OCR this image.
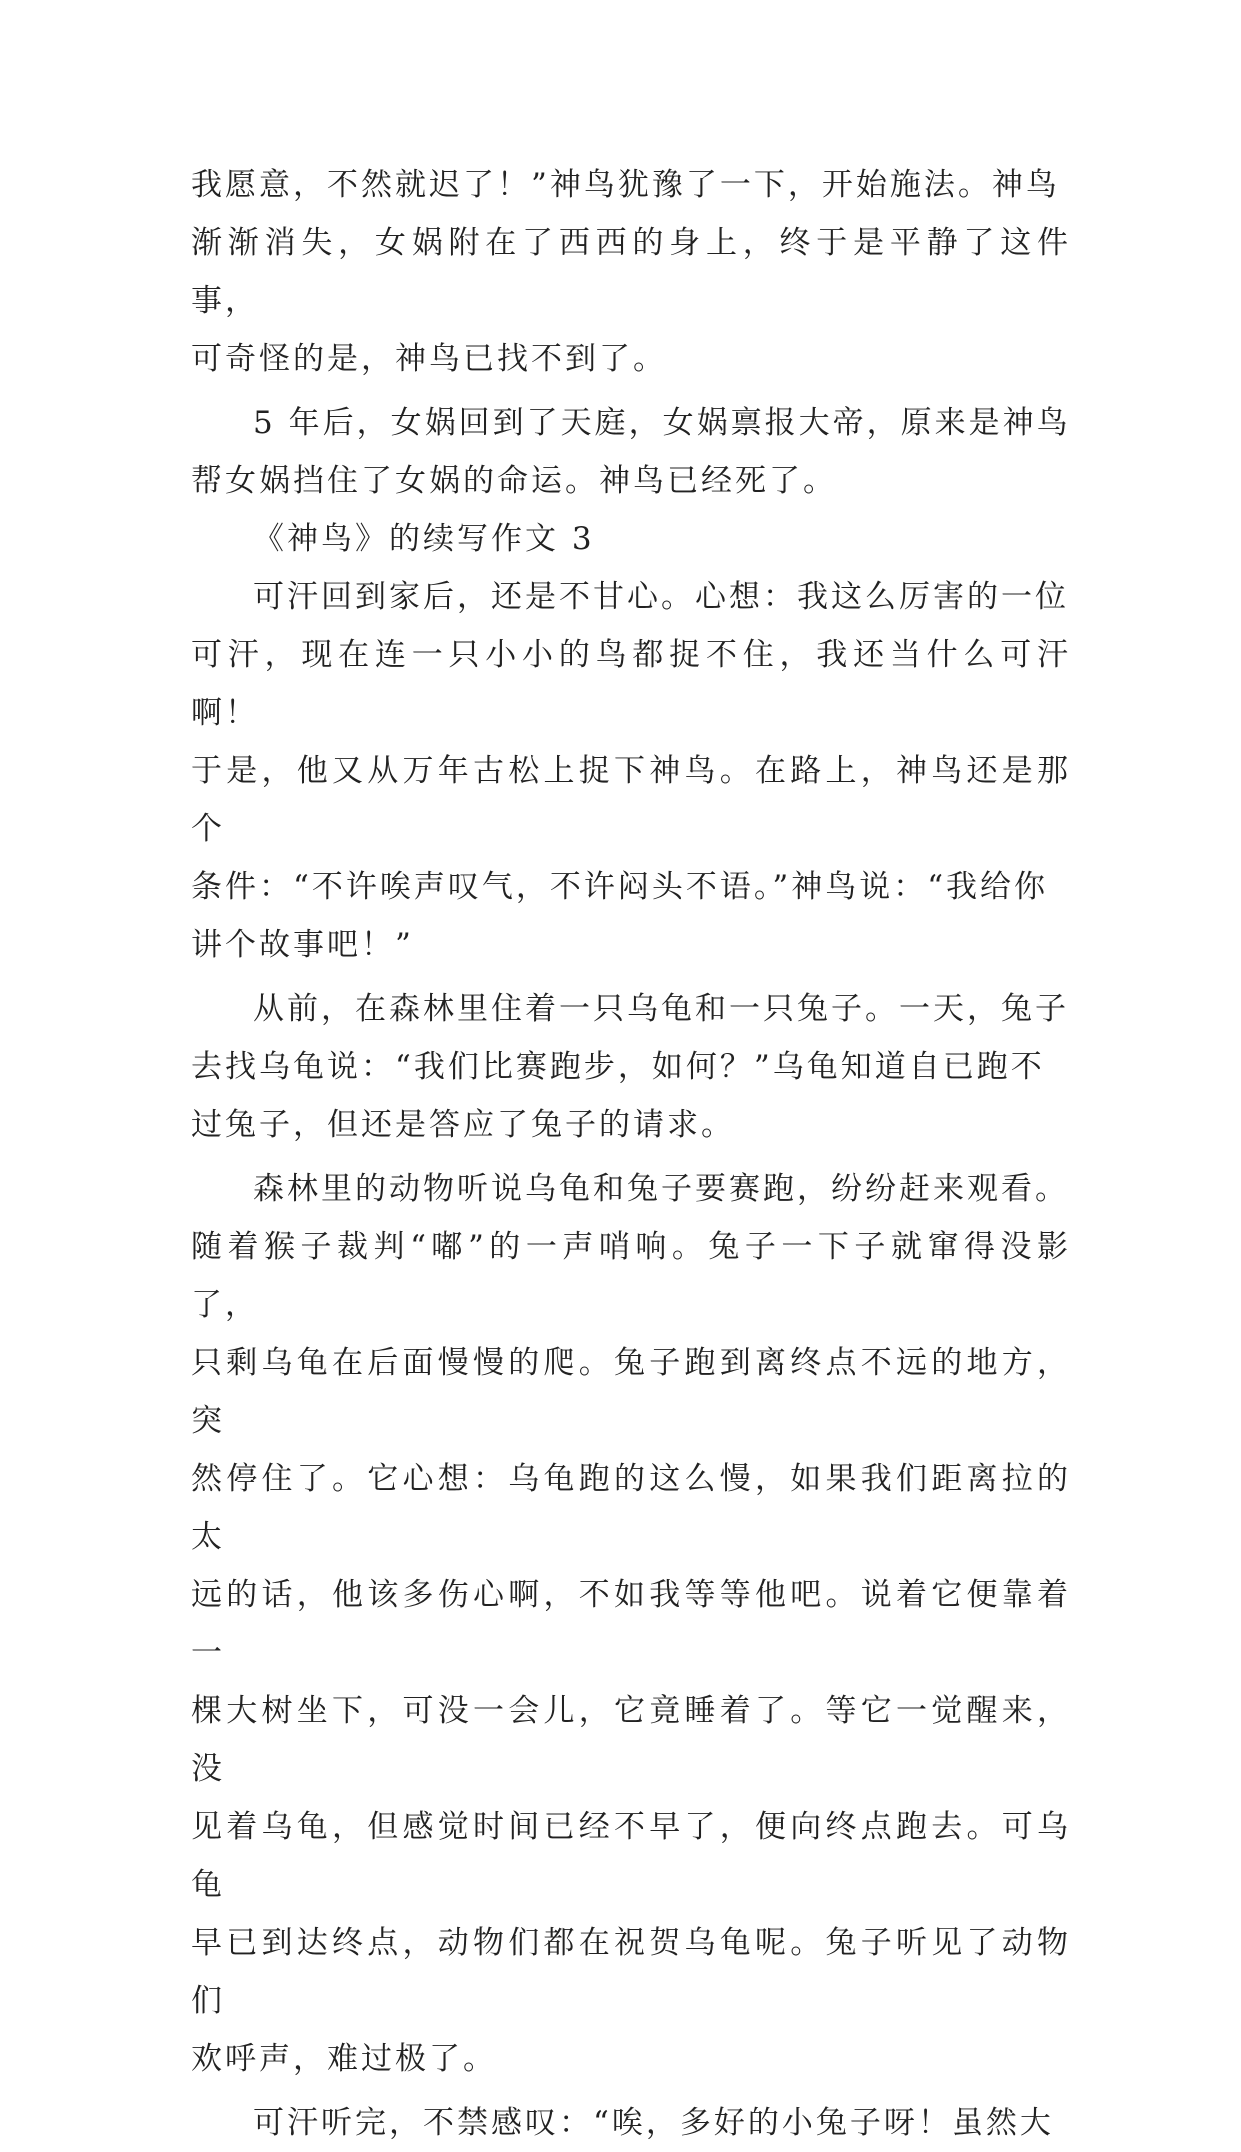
我愿意，不然就迟了！”神鸟犹豫了一下，开始施法。神鸟
渐渐消失，女娲附在了西西的身上，终于是平静了这件事，
可奇怪的是，神鸟已找不到了。
5 年后，女娲回到了天庭，女娲禀报大帝，原来是神鸟
帮女娲挡住了女娲的命运。神鸟已经死了。
《神鸟》的续写作文 3
可汗回到家后，还是不甘心。心想：我这么厉害的一位
可汗，现在连一只小小的鸟都捉不住，我还当什么可汗啊！
于是，他又从万年古松上捉下神鸟。在路上，神鸟还是那个
条件：“不许唉声叹气，不许闷头不语。”神鸟说：“我给你
讲个故事吧！”
从前，在森林里住着一只乌龟和一只兔子。一天，兔子
去找乌龟说：“我们比赛跑步，如何？”乌龟知道自已跑不
过兔子，但还是答应了兔子的请求。
森林里的动物听说乌龟和兔子要赛跑，纷纷赶来观看。
随着猴子裁判“嘟”的一声哨响。兔子一下子就窜得没影了，
只剩乌龟在后面慢慢的爬。兔子跑到离终点不远的地方，突
然停住了。它心想：乌龟跑的这么慢，如果我们距离拉的太
远的话，他该多伤心啊，不如我等等他吧。说着它便靠着一
棵大树坐下，可没一会儿，它竟睡着了。等它一觉醒来，没
见着乌龟，但感觉时间已经不早了，便向终点跑去。可乌龟
早已到达终点，动物们都在祝贺乌龟呢。兔子听见了动物们
欢呼声，难过极了。
可汗听完，不禁感叹：“唉，多好的小兔子呀！虽然大
